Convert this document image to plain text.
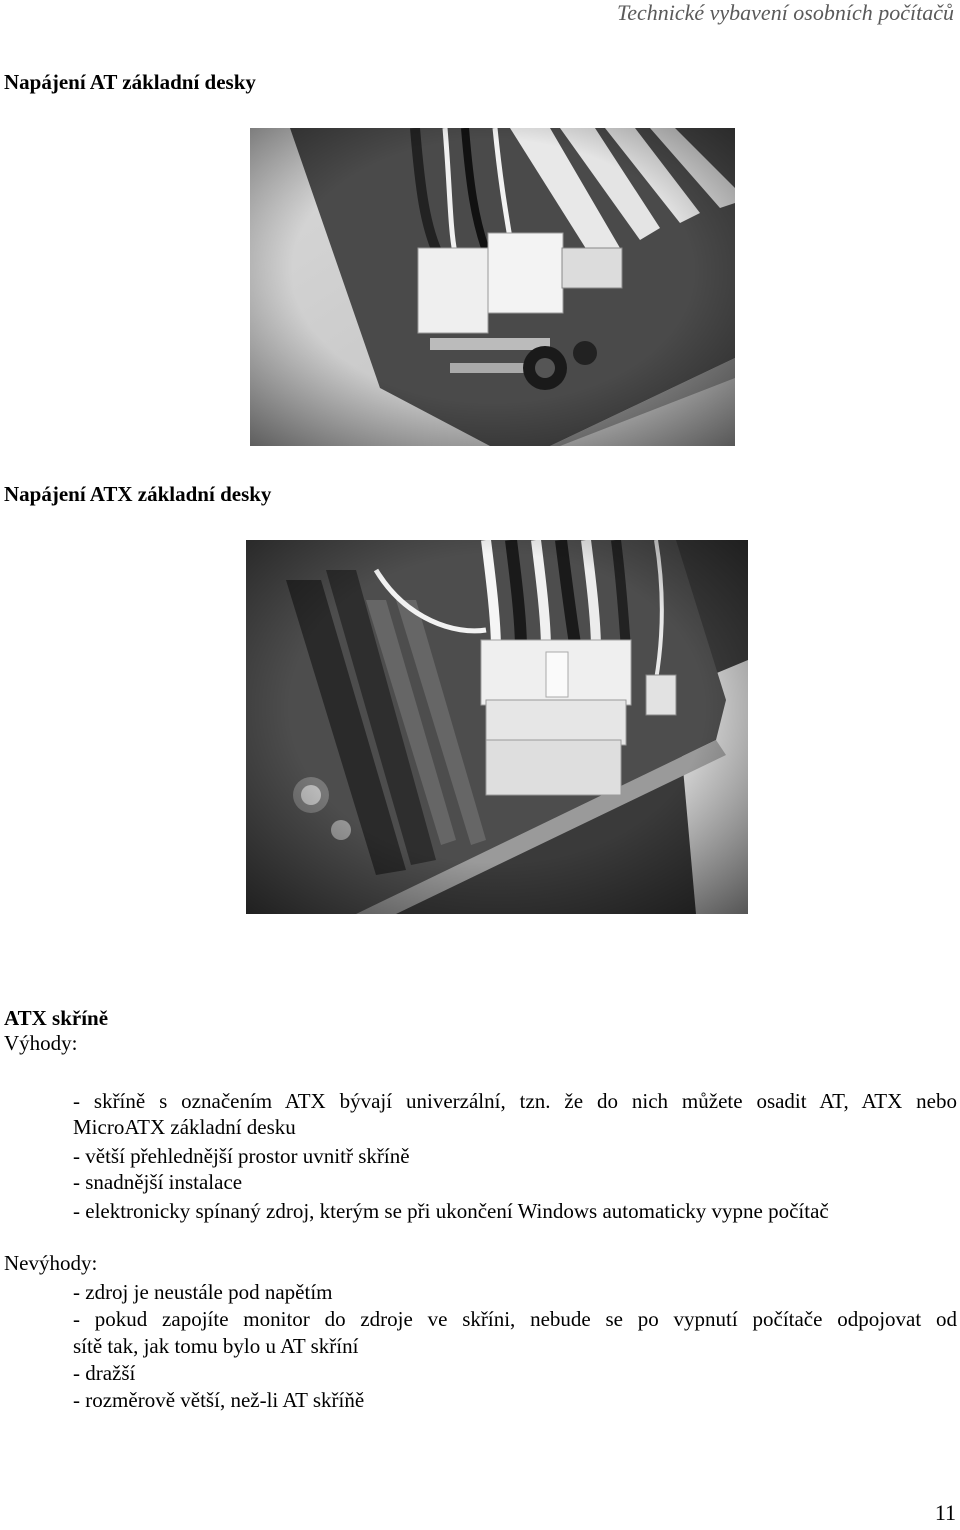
Technické vybavení osobních počítačů
Napájení AT základní desky
Napájení ATX základní desky
ATX skříně
Výhody:
- skříně s označením ATX bývají univerzální, tzn. že do nich můžete osadit AT, ATX nebo
MicroATX základní desku
- větší přehlednější prostor uvnitř skříně
- snadnější instalace
- elektronicky spínaný zdroj, kterým se při ukončení Windows automaticky vypne počítač
Nevýhody:
- zdroj je neustále pod napětím
- pokud zapojíte monitor do zdroje ve skříni, nebude se po vypnutí počítače odpojovat od
sítě tak, jak tomu bylo u AT skříní
- dražší
- rozměrově větší, než-li AT skříňě
11
